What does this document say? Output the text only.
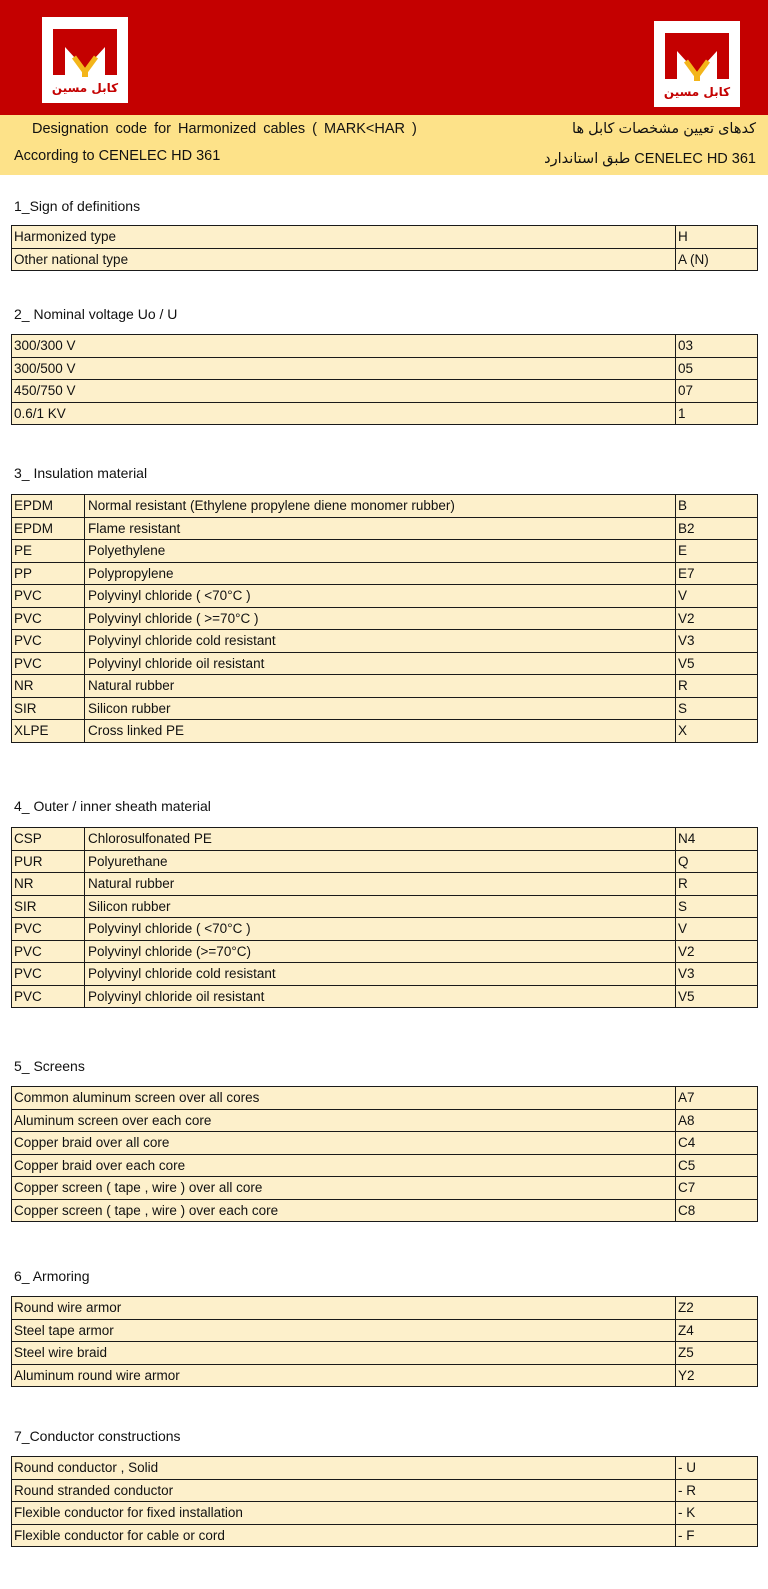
کابل مسین	کابل مسین
Designation code for Harmonized cables ( MARK<HAR )
According to CENELEC HD 361
کدهای تعیین مشخصات کابل ها
طبق استاندارد CENELEC HD 361
1_Sign of definitions
Harmonized type	H
Other national type	A (N)
2_ Nominal voltage Uo / U
300/300 V	03
300/500 V	05
450/750 V	07
0.6/1 KV	1
3_ Insulation material
EPDM	Normal resistant (Ethylene propylene diene monomer rubber)	B
EPDM	Flame resistant	B2
PE	Polyethylene	E
PP	Polypropylene	E7
PVC	Polyvinyl chloride ( <70°C )	V
PVC	Polyvinyl chloride ( >=70°C )	V2
PVC	Polyvinyl chloride cold resistant	V3
PVC	Polyvinyl chloride oil resistant	V5
NR	Natural rubber	R
SIR	Silicon rubber	S
XLPE	Cross linked PE	X
4_ Outer / inner sheath material
CSP	Chlorosulfonated PE	N4
PUR	Polyurethane	Q
NR	Natural rubber	R
SIR	Silicon rubber	S
PVC	Polyvinyl chloride ( <70°C )	V
PVC	Polyvinyl chloride (>=70°C)	V2
PVC	Polyvinyl chloride cold resistant	V3
PVC	Polyvinyl chloride oil resistant	V5
5_ Screens
Common aluminum screen over all cores	A7
Aluminum screen over each core	A8
Copper braid over all core	C4
Copper braid over each core	C5
Copper screen ( tape , wire ) over all core	C7
Copper screen ( tape , wire ) over each core	C8
6_ Armoring
Round wire armor	Z2
Steel tape armor	Z4
Steel wire braid	Z5
Aluminum round wire armor	Y2
7_Conductor constructions
Round conductor , Solid	- U
Round stranded conductor	- R
Flexible conductor for fixed installation	- K
Flexible conductor for cable or cord	- F
